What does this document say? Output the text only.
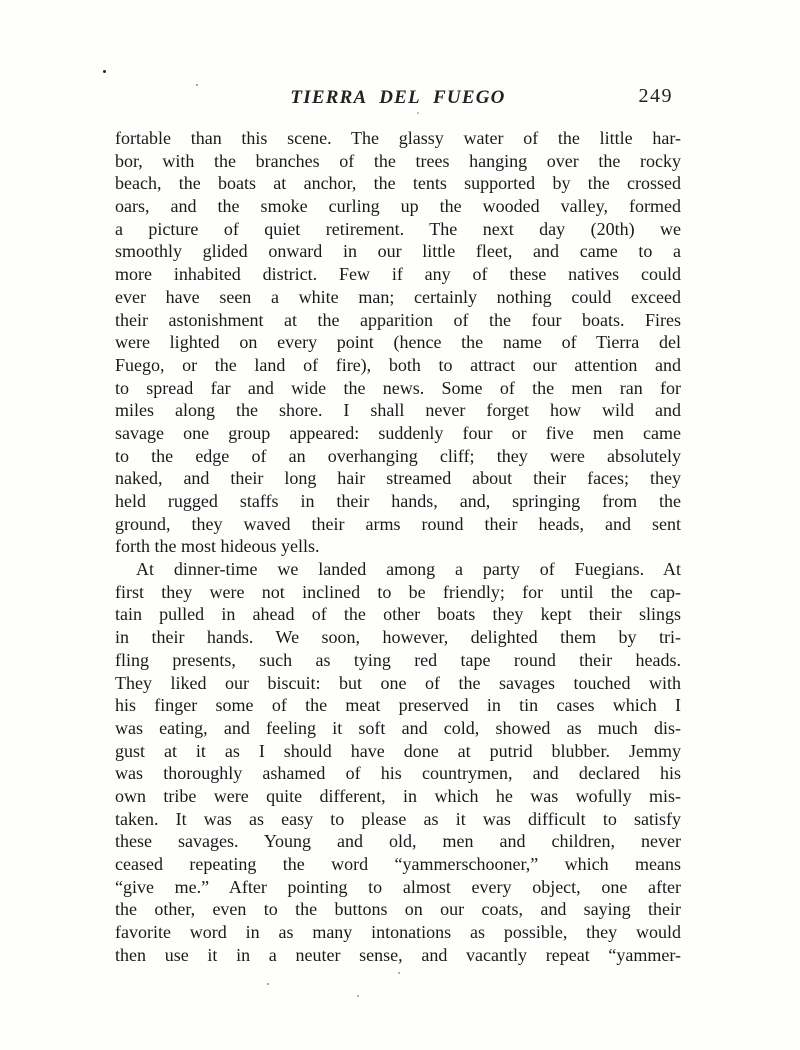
TIERRA DEL FUEGO	249
fortable than this scene. The glassy water of the little har-
bor, with the branches of the trees hanging over the rocky
beach, the boats at anchor, the tents supported by the crossed
oars, and the smoke curling up the wooded valley, formed
a picture of quiet retirement. The next day (20th) we
smoothly glided onward in our little fleet, and came to a
more inhabited district. Few if any of these natives could
ever have seen a white man; certainly nothing could exceed
their astonishment at the apparition of the four boats. Fires
were lighted on every point (hence the name of Tierra del
Fuego, or the land of fire), both to attract our attention and
to spread far and wide the news. Some of the men ran for
miles along the shore. I shall never forget how wild and
savage one group appeared: suddenly four or five men came
to the edge of an overhanging cliff; they were absolutely
naked, and their long hair streamed about their faces; they
held rugged staffs in their hands, and, springing from the
ground, they waved their arms round their heads, and sent
forth the most hideous yells.
At dinner-time we landed among a party of Fuegians. At
first they were not inclined to be friendly; for until the cap-
tain pulled in ahead of the other boats they kept their slings
in their hands. We soon, however, delighted them by tri-
fling presents, such as tying red tape round their heads.
They liked our biscuit: but one of the savages touched with
his finger some of the meat preserved in tin cases which I
was eating, and feeling it soft and cold, showed as much dis-
gust at it as I should have done at putrid blubber. Jemmy
was thoroughly ashamed of his countrymen, and declared his
own tribe were quite different, in which he was wofully mis-
taken. It was as easy to please as it was difficult to satisfy
these savages. Young and old, men and children, never
ceased repeating the word “yammerschooner,” which means
“give me.” After pointing to almost every object, one after
the other, even to the buttons on our coats, and saying their
favorite word in as many intonations as possible, they would
then use it in a neuter sense, and vacantly repeat “yammer-
